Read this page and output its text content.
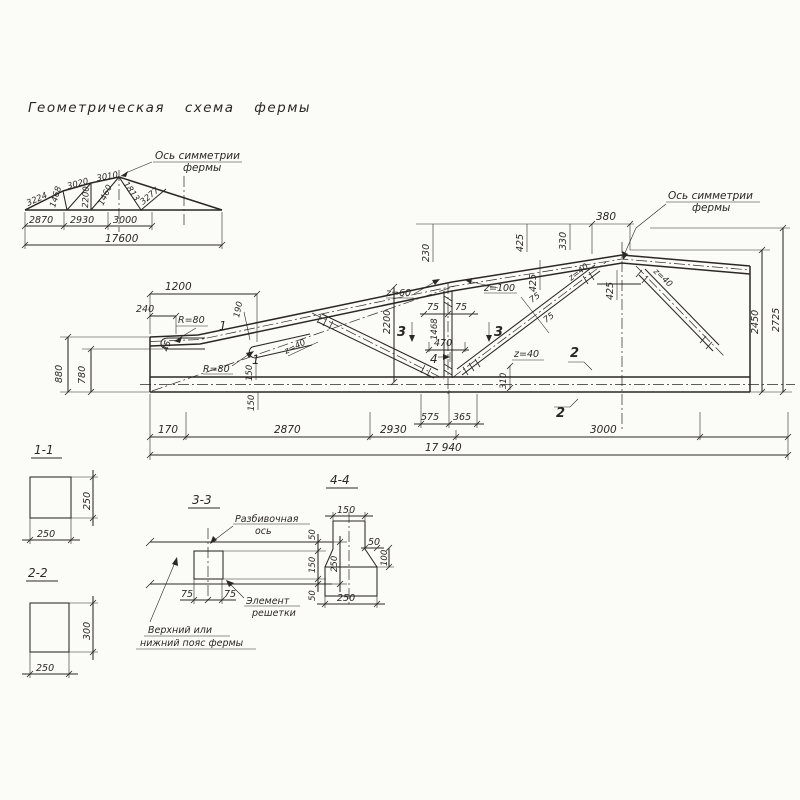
Геометрическая схема фермы
Ось симметрии
фермы
3224 1468
3020 3010
2200 1460 1813
3277
2870 2930 3000
17600
Ось симметрии
фермы
380
330
425
425	425
230
1200
240
R=80
45
190
1
1
R=80 150
150
880 780
z=60	z=100
75 75
3	3
2200
470
4
1468
z=40	z=40
75
75
z=40	z=40
310
2
2
2450 2725
575 365
170	2870	2930	3000
17 940
1-1
250
250
2-2
300
250
3-3
Разбивочная
ось	50
150
50
250
75	75
Элемент
решетки
Верхний или
нижний пояс фермы
4-4
150
50
100
250
